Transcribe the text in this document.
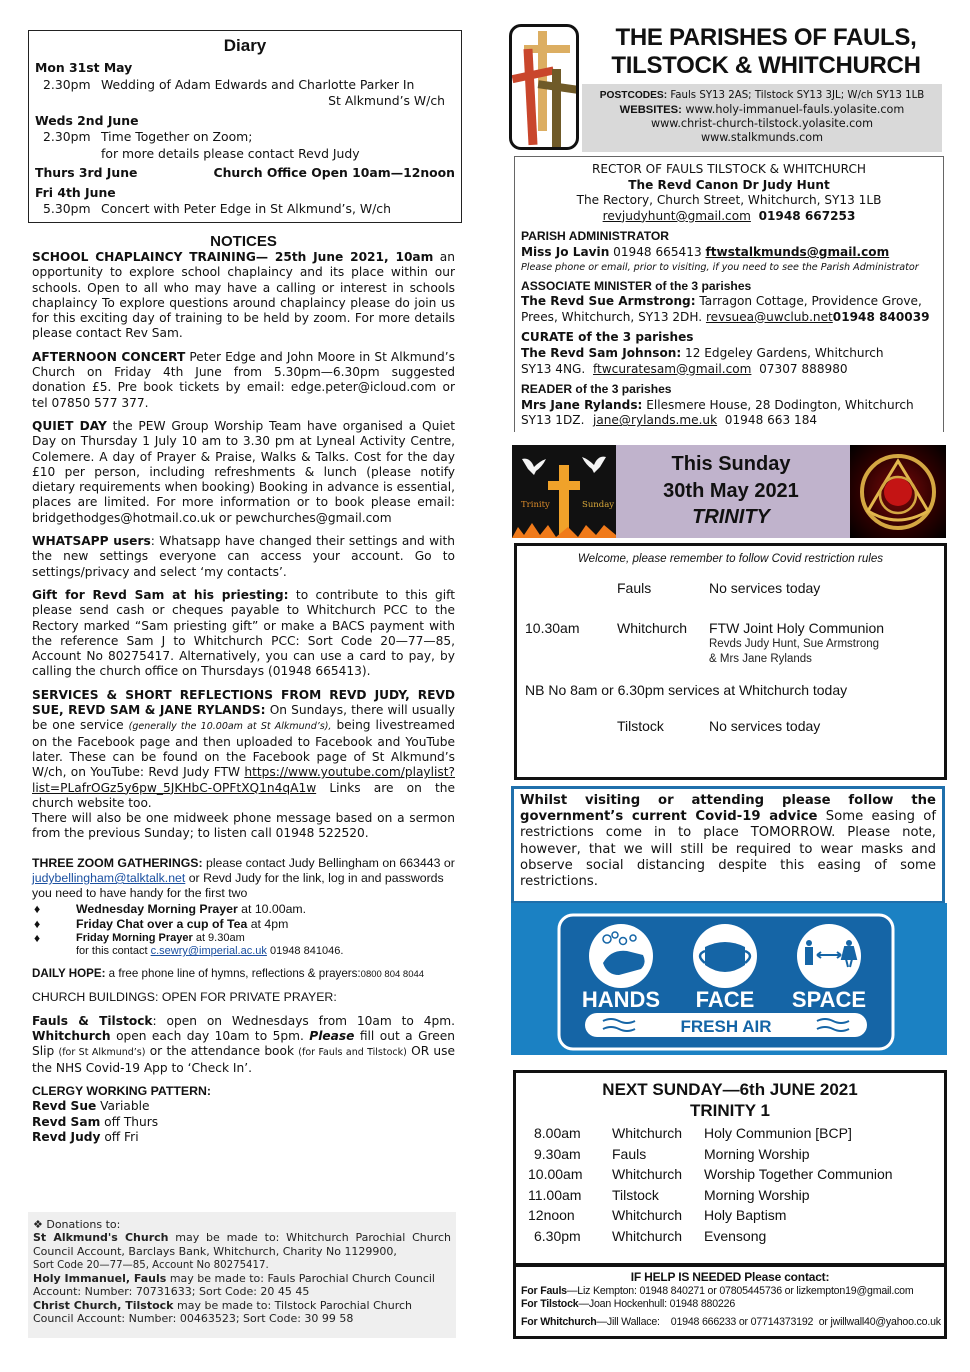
Diary
Mon 31st May
2.30pm Wedding of Adam Edwards and Charlotte Parker In
St Alkmund’s W/ch
Weds 2nd June
2.30pm Time Together on Zoom;
for more details please contact Revd Judy
Thurs 3rd June	Church Office Open 10am—12noon
Fri 4th June
5.30pm Concert with Peter Edge in St Alkmund’s, W/ch
NOTICES

SCHOOL CHAPLAINCY TRAINING— 25th June 2021, 10am an opportunity to explore school chaplaincy and its place within our schools. Open to all who may have a calling or interest in schools chaplaincy To explore questions around chaplaincy please do join us for this exciting day of training to be held by zoom. For more details please contact Rev Sam.

AFTERNOON CONCERT Peter Edge and John Moore in St Alkmund’s Church on Friday 4th June from 5.30pm—6.30pm suggested donation £5. Pre book tickets by email: edge.peter@icloud.com or tel 07850 577 377.

QUIET DAY the PEW Group Worship Team have organised a Quiet Day on Thursday 1 July 10 am to 3.30 pm at Lyneal Activity Centre, Colemere. A day of Prayer & Praise, Walks & Talks. Cost for the day £10 per person, including refreshments & lunch (please notify dietary requirements when booking) Booking in advance is essential, places are limited. For more information or to book please email: bridgethodges@hotmail.co.uk or pewchurches@gmail.com

WHATSAPP users: Whatsapp have changed their settings and with the new settings everyone can access your account. Go to settings/privacy and select ‘my contacts’.

Gift for Revd Sam at his priesting: to contribute to this gift please send cash or cheques payable to Whitchurch PCC to the Rectory marked “Sam priesting gift” or make a BACS payment with the reference Sam J to Whitchurch PCC: Sort Code 20—77—85, Account No 80275417. Alternatively, you can use a card to pay, by calling the church office on Thursdays (01948 665413).

SERVICES & SHORT REFLECTIONS FROM REVD JUDY, REVD SUE, REVD SAM & JANE RYLANDS: On Sundays, there will usually be one service (generally the 10.00am at St Alkmund’s), being livestreamed on the Facebook page and then uploaded to Facebook and YouTube later. These can be found on the Facebook page of St Alkmund’s W/ch, on YouTube: Revd Judy FTW https://www.youtube.com/playlist?list=PLafrOGz5y6pw_5JKHbC-OPFtXQ1n4qA1w Links are on the church website too.
There will also be one midweek phone message based on a sermon from the previous Sunday; to listen call 01948 522520.

THREE ZOOM GATHERINGS: please contact Judy Bellingham on 663443 or judybellingham@talktalk.net or Revd Judy for the link, log in and passwords you need to have handy for the first two
♦	Wednesday Morning Prayer at 10.00am.
♦	Friday Chat over a cup of Tea at 4pm
♦	Friday Morning Prayer at 9.30am
for this contact c.sewry@imperial.ac.uk 01948 841046.

DAILY HOPE: a free phone line of hymns, reflections & prayers:0800 804 8044

CHURCH BUILDINGS: OPEN FOR PRIVATE PRAYER:

Fauls & Tilstock: open on Wednesdays from 10am to 4pm. Whitchurch open each day 10am to 5pm. Please fill out a Green Slip (for St Alkmund’s) or the attendance book (for Fauls and Tilstock) OR use the NHS Covid-19 App to ‘Check In’.

CLERGY WORKING PATTERN:
Revd Sue Variable
Revd Sam off Thurs
Revd Judy off Fri
❖ Donations to:
St Alkmund's Church may be made to: Whitchurch Parochial Church Council Account, Barclays Bank, Whitchurch, Charity No 1129900,
Sort Code 20—77—85, Account No 80275417.
Holy Immanuel, Fauls may be made to: Fauls Parochial Church Council Account: Number: 70731633; Sort Code: 20 45 45
Christ Church, Tilstock may be made to: Tilstock Parochial Church Council Account: Number: 00463523; Sort Code: 30 99 58
THE PARISHES OF FAULS,
TILSTOCK & WHITCHURCH
POSTCODES: Fauls SY13 2AS; Tilstock SY13 3JL; W/ch SY13 1LB
WEBSITES: www.holy-immanuel-fauls.yolasite.com
www.christ-church-tilstock.yolasite.com
www.stalkmunds.com
RECTOR OF FAULS TILSTOCK & WHITCHURCH
The Revd Canon Dr Judy Hunt
The Rectory, Church Street, Whitchurch, SY13 1LB
revjudyhunt@gmail.com 01948 667253
PARISH ADMINISTRATOR
Miss Jo Lavin 01948 665413 ftwstalkmunds@gmail.com
Please phone or email, prior to visiting, if you need to see the Parish Administrator
ASSOCIATE MINISTER of the 3 parishes
The Revd Sue Armstrong: Tarragon Cottage, Providence Grove, Prees, Whitchurch, SY13 2DH. revsuea@uwclub.net01948 840039
CURATE of the 3 parishes
The Revd Sam Johnson: 12 Edgeley Gardens, Whitchurch
SY13 4NG. ftwcuratesam@gmail.com 07307 888980
READER of the 3 parishes
Mrs Jane Rylands: Ellesmere House, 28 Dodington, Whitchurch
SY13 1DZ. jane@rylands.me.uk 01948 663 184
Trinity	Sunday
This Sunday
30th May 2021
TRINITY
Welcome, please remember to follow Covid restriction rules
Fauls	No services today
10.30am	Whitchurch	FTW Joint Holy Communion
Revds Judy Hunt, Sue Armstrong
& Mrs Jane Rylands
NB No 8am or 6.30pm services at Whitchurch today
Tilstock	No services today
Whilst visiting or attending please follow the government’s current Covid-19 advice Some easing of restrictions come in to place TOMORROW. Please note, however, that we will still be required to wear masks and observe social distancing despite this easing of some restrictions.
HANDS FACE SPACE
FRESH AIR
NEXT SUNDAY—6th JUNE 2021
TRINITY 1
8.00am	Whitchurch	Holy Communion [BCP]
9.30am	Fauls	Morning Worship
10.00am	Whitchurch	Worship Together Communion
11.00am	Tilstock	Morning Worship
12noon	Whitchurch	Holy Baptism
6.30pm	Whitchurch	Evensong
IF HELP IS NEEDED Please contact:
For Fauls—Liz Kempton: 01948 840271 or 07805445736 or lizkempton19@gmail.com
For Tilstock—Joan Hockenhull: 01948 880226
For Whitchurch—Jill Wallace:    01948 666233 or 07714373192  or jwillwall40@yahoo.co.uk
